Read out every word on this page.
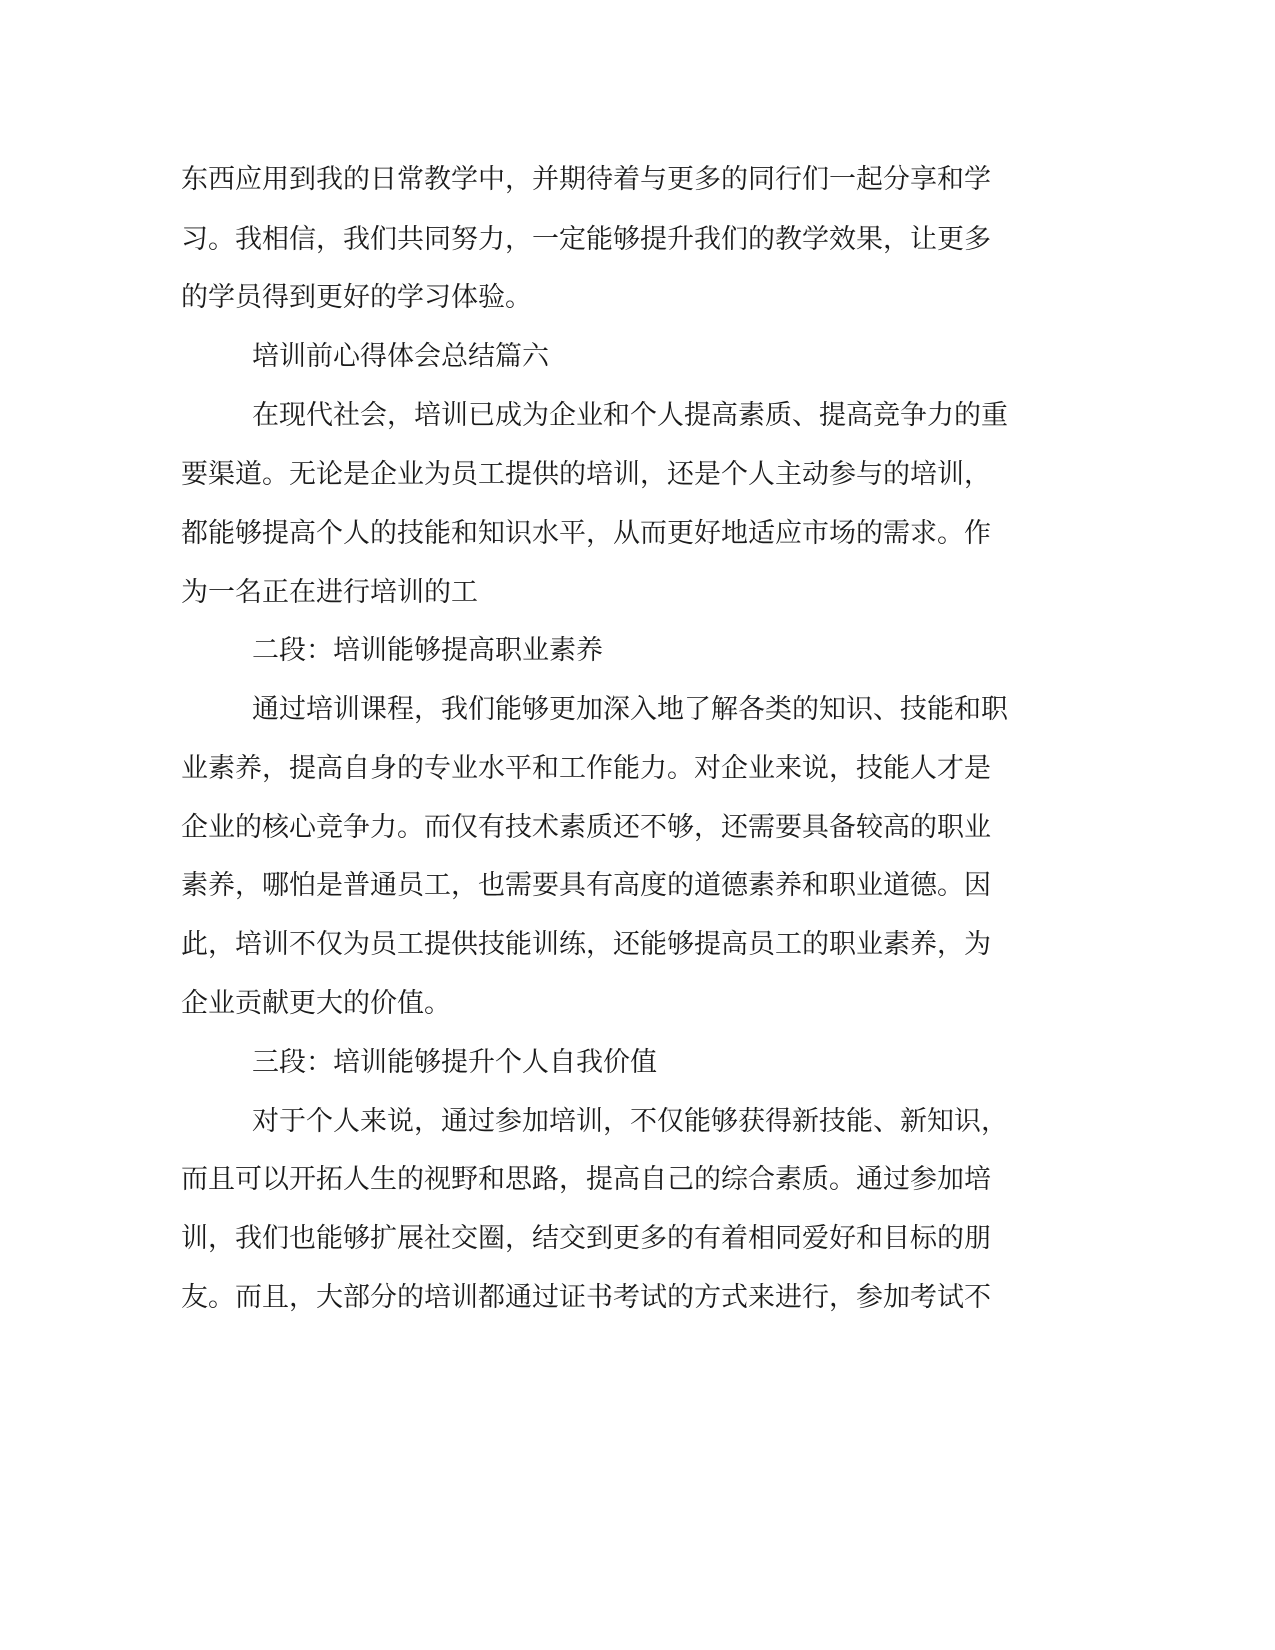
东西应用到我的日常教学中，并期待着与更多的同行们一起分享和学
习。我相信，我们共同努力，一定能够提升我们的教学效果，让更多
的学员得到更好的学习体验。
培训前心得体会总结篇六
在现代社会，培训已成为企业和个人提高素质、提高竞争力的重
要渠道。无论是企业为员工提供的培训，还是个人主动参与的培训，
都能够提高个人的技能和知识水平，从而更好地适应市场的需求。作
为一名正在进行培训的工
二段：培训能够提高职业素养
通过培训课程，我们能够更加深入地了解各类的知识、技能和职
业素养，提高自身的专业水平和工作能力。对企业来说，技能人才是
企业的核心竞争力。而仅有技术素质还不够，还需要具备较高的职业
素养，哪怕是普通员工，也需要具有高度的道德素养和职业道德。因
此，培训不仅为员工提供技能训练，还能够提高员工的职业素养，为
企业贡献更大的价值。
三段：培训能够提升个人自我价值
对于个人来说，通过参加培训，不仅能够获得新技能、新知识，
而且可以开拓人生的视野和思路，提高自己的综合素质。通过参加培
训，我们也能够扩展社交圈，结交到更多的有着相同爱好和目标的朋
友。而且，大部分的培训都通过证书考试的方式来进行，参加考试不
